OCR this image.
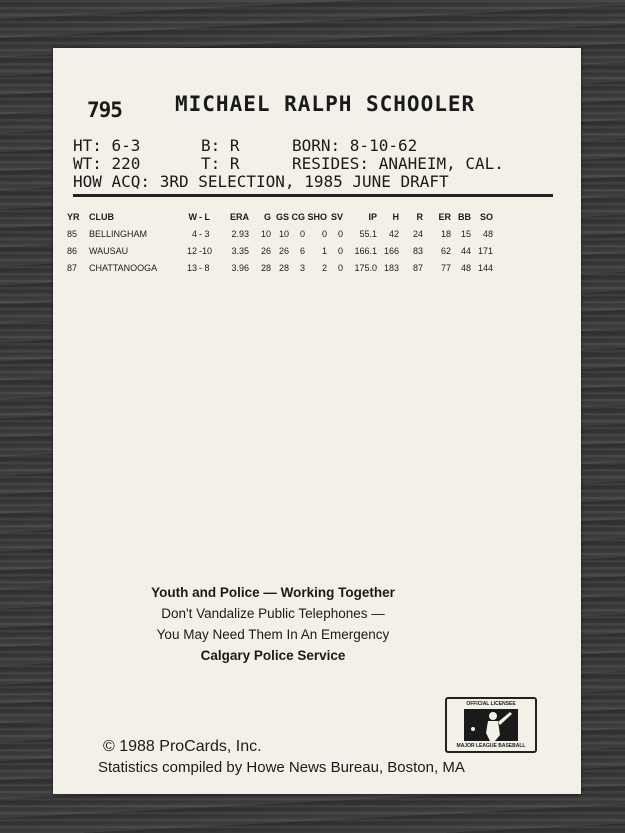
795	MICHAEL RALPH SCHOOLER
HT: 6-3	B: R	BORN: 8-10-62
WT: 220	T: R	RESIDES: ANAHEIM, CAL.
HOW ACQ: 3RD SELECTION, 1985 JUNE DRAFT
YR	CLUB	W	- L	ERA	G	GS	CG	SHO	SV	IP	H	R	ER	BB	SO
85	BELLINGHAM	4	- 3	2.93	10	10	0	0	0	55.1	42	24	18	15	48
86	WAUSAU	12	-10	3.35	26	26	6	1	0	166.1	166	83	62	44	171
87	CHATTANOOGA	13	- 8	3.96	28	28	3	2	0	175.0	183	87	77	48	144
Youth and Police — Working Together
Don't Vandalize Public Telephones —
You May Need Them In An Emergency
Calgary Police Service
OFFICIAL LICENSEE
MAJOR LEAGUE BASEBALL
© 1988 ProCards, Inc.
Statistics compiled by Howe News Bureau, Boston, MA
